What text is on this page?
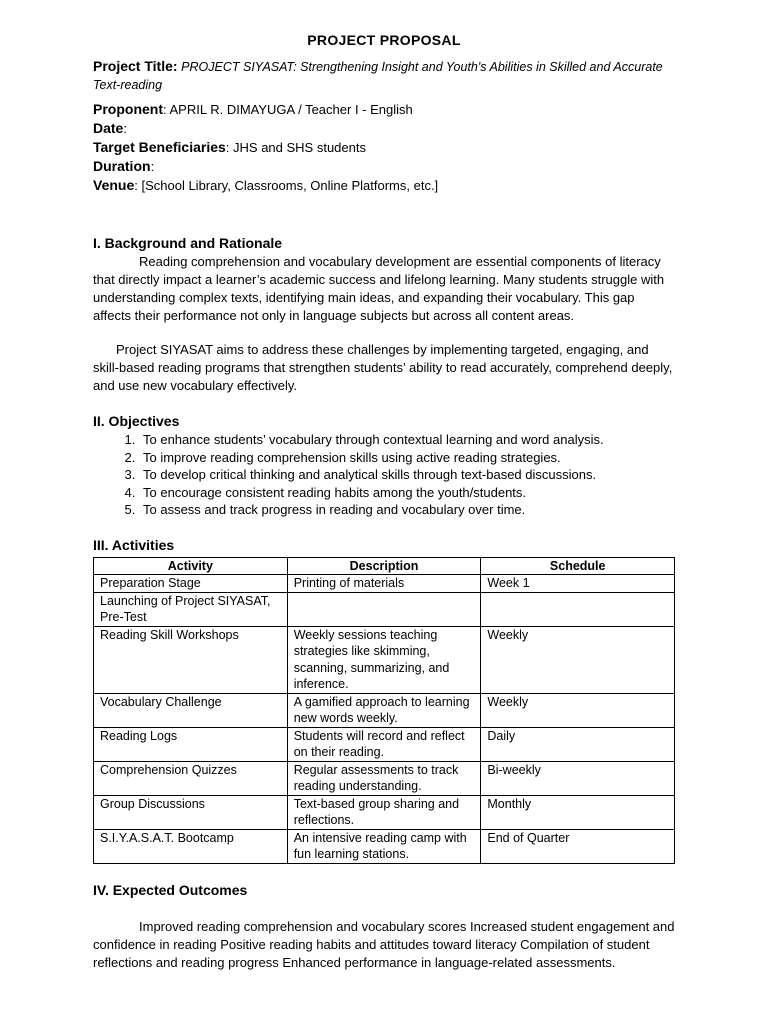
PROJECT PROPOSAL
Project Title: PROJECT SIYASAT: Strengthening Insight and Youth's Abilities in Skilled and Accurate Text-reading
Proponent: APRIL R. DIMAYUGA / Teacher I - English
Date:
Target Beneficiaries: JHS and SHS students
Duration:
Venue: [School Library, Classrooms, Online Platforms, etc.]
I. Background and Rationale

Reading comprehension and vocabulary development are essential components of literacy that directly impact a learner’s academic success and lifelong learning. Many students struggle with understanding complex texts, identifying main ideas, and expanding their vocabulary. This gap affects their performance not only in language subjects but across all content areas.

Project SIYASAT aims to address these challenges by implementing targeted, engaging, and skill-based reading programs that strengthen students’ ability to read accurately, comprehend deeply, and use new vocabulary effectively.

II. Objectives
1. To enhance students’ vocabulary through contextual learning and word analysis.
2. To improve reading comprehension skills using active reading strategies.
3. To develop critical thinking and analytical skills through text-based discussions.
4. To encourage consistent reading habits among the youth/students.
5. To assess and track progress in reading and vocabulary over time.
III. Activities
Activity	Description	Schedule
Preparation Stage	Printing of materials	Week 1
Launching of Project SIYASAT, Pre-Test		
Reading Skill Workshops	Weekly sessions teaching strategies like skimming, scanning, summarizing, and inference.	Weekly
Vocabulary Challenge	A gamified approach to learning new words weekly.	Weekly
Reading Logs	Students will record and reflect on their reading.	Daily
Comprehension Quizzes	Regular assessments to track reading understanding.	Bi-weekly
Group Discussions	Text-based group sharing and reflections.	Monthly
S.I.Y.A.S.A.T. Bootcamp	An intensive reading camp with fun learning stations.	End of Quarter
IV. Expected Outcomes

Improved reading comprehension and vocabulary scores Increased student engagement and confidence in reading Positive reading habits and attitudes toward literacy Compilation of student reflections and reading progress Enhanced performance in language-related assessments.
